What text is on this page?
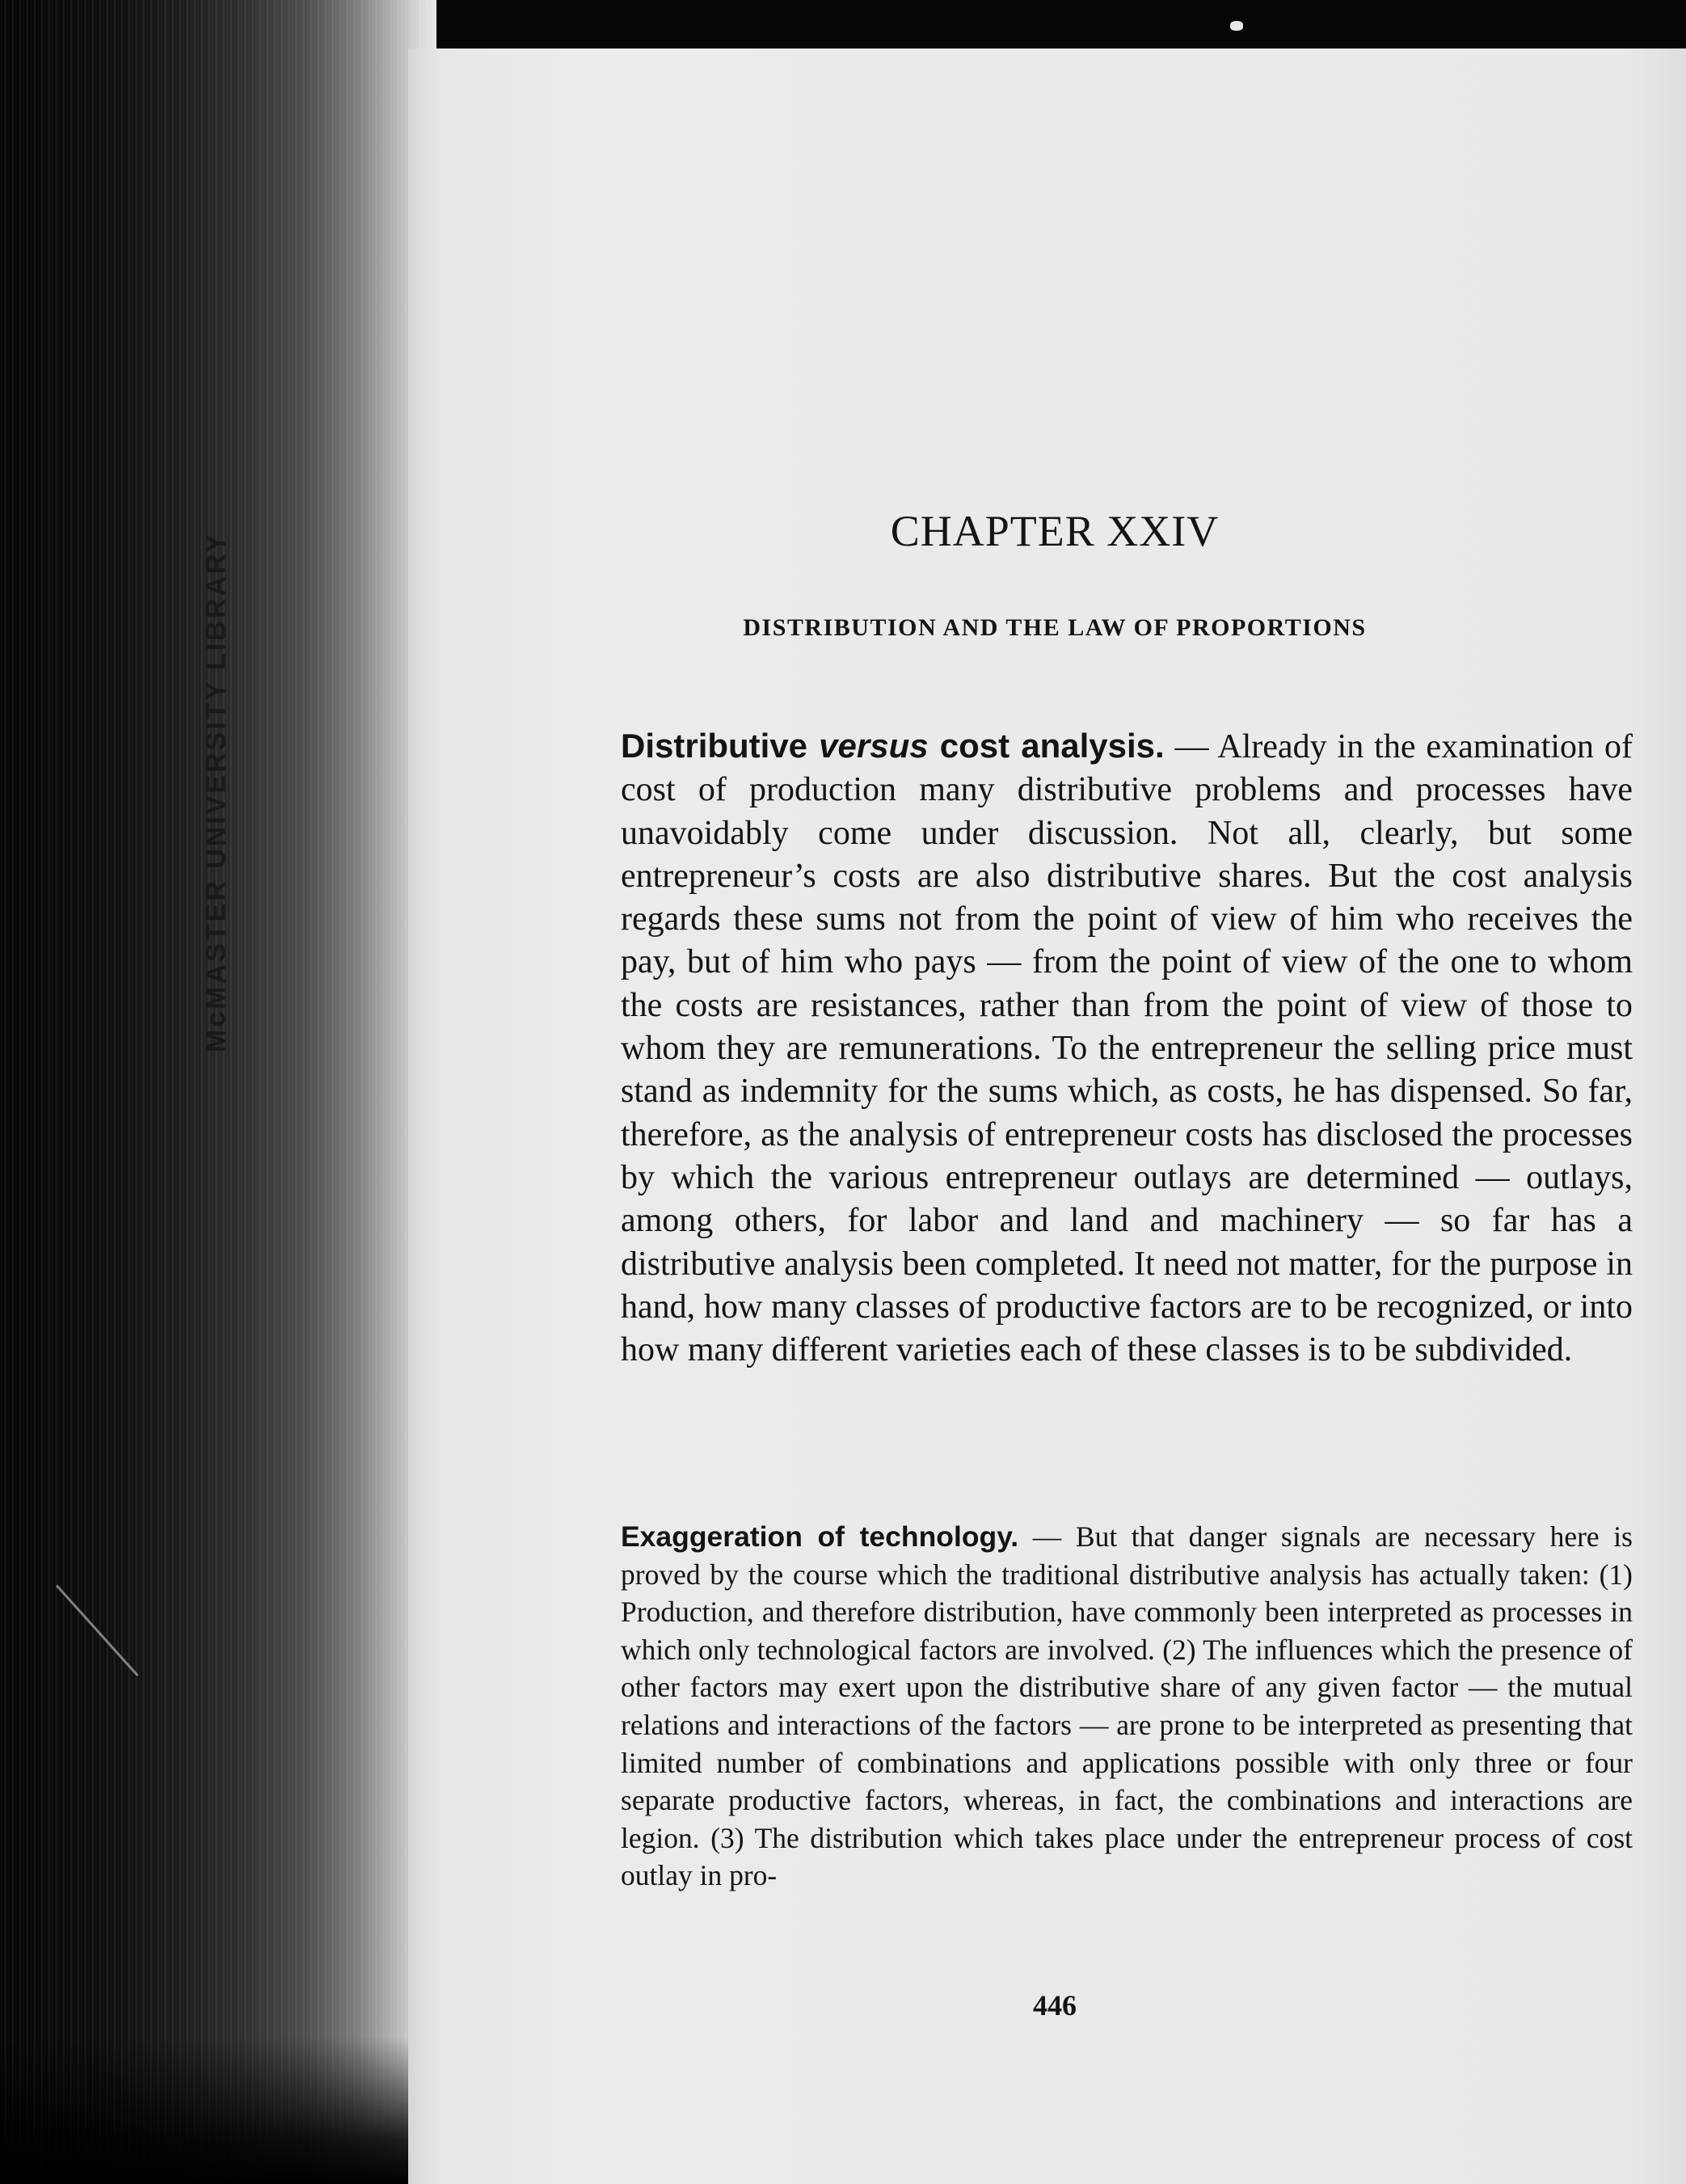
McMASTER UNIVERSITY LIBRARY
CHAPTER XXIV
DISTRIBUTION AND THE LAW OF PROPORTIONS

Distributive versus cost analysis. — Already in the examination of cost of production many distributive problems and processes have unavoidably come under discussion. Not all, clearly, but some entrepreneur’s costs are also distributive shares. But the cost analysis regards these sums not from the point of view of him who receives the pay, but of him who pays — from the point of view of the one to whom the costs are resistances, rather than from the point of view of those to whom they are remunerations. To the entrepreneur the selling price must stand as indemnity for the sums which, as costs, he has dispensed. So far, therefore, as the analysis of entrepreneur costs has disclosed the processes by which the various entrepreneur outlays are determined — outlays, among others, for labor and land and machinery — so far has a distributive analysis been completed. It need not matter, for the purpose in hand, how many classes of productive factors are to be recognized, or into how many different varieties each of these classes is to be subdivided.

Exaggeration of technology. — But that danger signals are necessary here is proved by the course which the traditional distributive analysis has actually taken: (1) Production, and therefore distribution, have commonly been interpreted as processes in which only technological factors are involved. (2) The influences which the presence of other factors may exert upon the distributive share of any given factor — the mutual relations and interactions of the factors — are prone to be interpreted as presenting that limited number of combinations and applications possible with only three or four separate productive factors, whereas, in fact, the combinations and interactions are legion. (3) The distribution which takes place under the entrepreneur process of cost outlay in pro-

446
